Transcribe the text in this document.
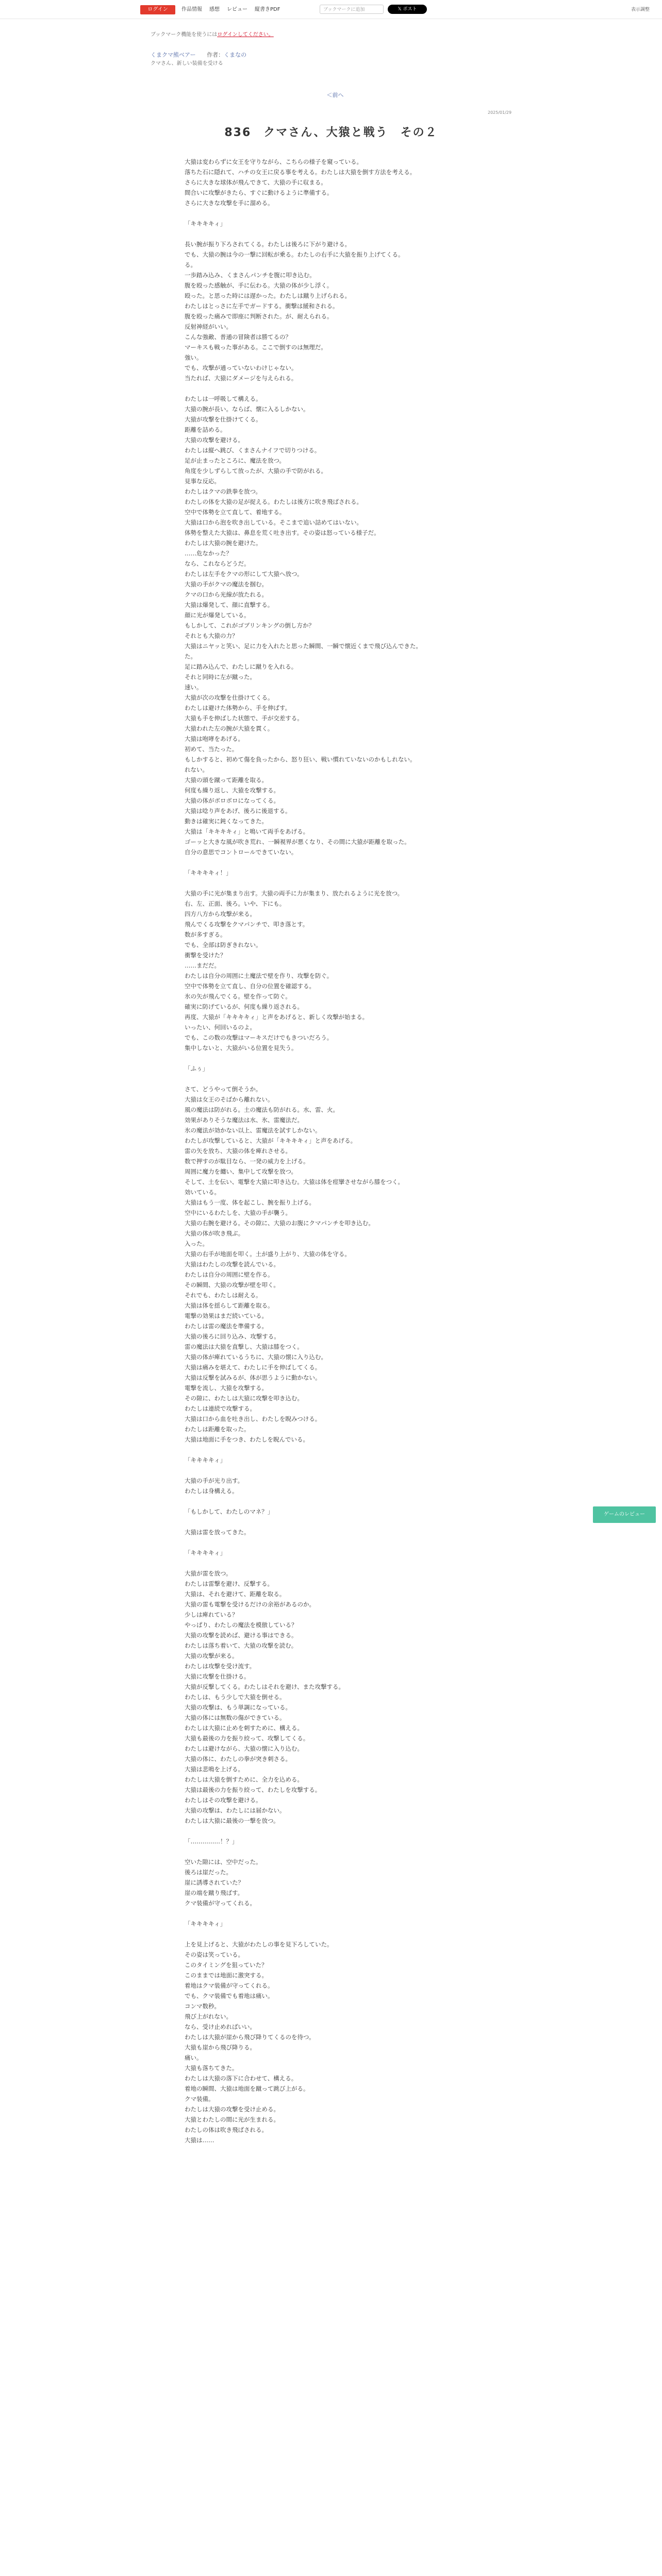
ログイン	作品情報 感想 レビュー 縦書きPDF	ブックマークに追加	𝕏 ポスト	表示調整
ブックマーク機能を使うにはログインしてください。
くまクマ熊ベアー 作者：くまなの
クマさん、新しい装備を受ける
＜前へ
2025/01/29
836　クマさん、大猿と戦う　その２
大猿は変わらずに女王を守りながら、こちらの様子を窺っている。
落ちた石に隠れて、ハチの女王に戻る事を考える。わたしは大猿を倒す方法を考える。
さらに大きな球体が飛んできて、大猿の手に収まる。
間合いに攻撃がきたら、すぐに動けるように準備する。
さらに大きな攻撃を手に溜める。
「キキキキィ」
長い腕が振り下ろされてくる。わたしは後ろに下がり避ける。
でも、大猿の腕は今の一撃に回転が乗る。わたしの右手に大猿を振り上げてくる。
る。
一歩踏み込み、くまさんパンチを腹に叩き込む。
腹を殴った感触が、手に伝わる。大猿の体が少し浮く。
殴った。と思った時には遅かった。わたしは蹴り上げられる。
わたしはとっさに左手でガードする。衝撃は緩和される。
腹を殴った痛みで即座に判断された。が、耐えられる。
反射神経がいい。
こんな強敵、普通の冒険者は勝てるの？
マーキスも戦った事がある。ここで倒すのは無理だ。
強い。
でも、攻撃が通っていないわけじゃない。
当たれば、大猿にダメージを与えられる。
わたしは一呼吸して構える。
大猿の腕が長い。ならば、懐に入るしかない。
大猿が攻撃を仕掛けてくる。
距離を詰める。
大猿の攻撃を避ける。
わたしは縦へ跳び、くまさんナイフで切りつける。
足が止まったところに、魔法を放つ。
角度を少しずらして放ったが、大猿の手で防がれる。
見事な反応。
わたしはクマの鉄拳を放つ。
わたしの体を大猿の足が捉える。わたしは後方に吹き飛ばされる。
空中で体勢を立て直して、着地する。
大猿は口から泡を吹き出している。そこまで追い詰めてはいない。
体勢を整えた大猿は、鼻息を荒く吐き出す。その姿は怒っている様子だ。
わたしは大猿の腕を避けた。
……危なかった？
なら、これならどうだ。
わたしは左手をクマの形にして大猿へ放つ。
大猿の手がクマの魔法を掴む。
クマの口から光線が放たれる。
大猿は爆発して、顔に直撃する。
顔に光が爆発している。
もしかして、これがゴブリンキングの倒し方か？
それとも大猿の力？
大猿はニヤッと笑い、足に力を入れたと思った瞬間、一瞬で懐近くまで飛び込んできた。
た。
足に踏み込んで、わたしに蹴りを入れる。
それと同時に左が蹴った。
速い。
大猿が次の攻撃を仕掛けてくる。
わたしは避けた体勢から、手を伸ばす。
大猿も手を伸ばした状態で、手が交差する。
大猿われた左の腕が大猿を貫く。
大猿は咆哮をあげる。
初めて、当たった。
もしかすると、初めて傷を負ったから、怒り狂い、戦い慣れていないのかもしれない。
れない。
大猿の頭を蹴って距離を取る。
何度も繰り返し、大猿を攻撃する。
大猿の体がボロボロになってくる。
大猿は唸り声をあげ、後ろに後退する。
動きは確実に鈍くなってきた。
大猿は「キキキキィ」と鳴いて両手をあげる。
ゴーッと大きな風が吹き荒れ、一瞬視界が悪くなり、その間に大猿が距離を取った。
自分の意思でコントロールできていない。
「キキキキィ！」
大猿の手に光が集まり出す。大猿の両手に力が集まり、放たれるように光を放つ。
右、左、正面、後ろ。いや、下にも。
四方八方から攻撃が来る。
飛んでくる攻撃をクマパンチで、叩き落とす。
数が多すぎる。
でも、全部は防ぎきれない。
衝撃を受けた？
……まだだ。
わたしは自分の周囲に土魔法で壁を作り、攻撃を防ぐ。
空中で体勢を立て直し、自分の位置を確認する。
氷の矢が飛んでくる。壁を作って防ぐ。
確実に防げているが、何度も繰り返される。
再度、大猿が「キキキキィ」と声をあげると、新しく攻撃が始まる。
いったい、何回いるのよ。
でも、この数の攻撃はマーキスだけでもきついだろう。
集中しないと、大猿がいる位置を見失う。
「ふぅ」
さて、どうやって倒そうか。
大猿は女王のそばから離れない。
風の魔法は防がれる。土の魔法も防がれる。水、雷、火。
効果がありそうな魔法は水、氷、雷魔法だ。
氷の魔法が効かない以上、雷魔法を試すしかない。
わたしが攻撃していると、大猿が「キキキキィ」と声をあげる。
雷の矢を放ち、大猿の体を痺れさせる。
数で押すのが駄目なら、一発の威力を上げる。
周囲に魔力を纏い、集中して攻撃を放つ。
そして、土を伝い、電撃を大猿に叩き込む。大猿は体を痙攣させながら膝をつく。
効いている。
大猿はもう一度、体を起こし、腕を振り上げる。
空中にいるわたしを、大猿の手が襲う。
大猿の右腕を避ける。その隙に、大猿のお腹にクマパンチを叩き込む。
大猿の体が吹き飛ぶ。
入った。
大猿の右手が地面を叩く。土が盛り上がり、大猿の体を守る。
大猿はわたしの攻撃を読んでいる。
わたしは自分の周囲に壁を作る。
その瞬間、大猿の攻撃が壁を叩く。
それでも、わたしは耐える。
大猿は体を揺らして距離を取る。
電撃の効果はまだ続いている。
わたしは雷の魔法を準備する。
大猿の後ろに回り込み、攻撃する。
雷の魔法は大猿を直撃し、大猿は膝をつく。
大猿の体が痺れているうちに、大猿の懐に入り込む。
大猿は痛みを堪えて、わたしに手を伸ばしてくる。
大猿は反撃を試みるが、体が思うように動かない。
電撃を流し、大猿を攻撃する。
その隙に、わたしは大猿に攻撃を叩き込む。
わたしは連続で攻撃する。
大猿は口から血を吐き出し、わたしを睨みつける。
わたしは距離を取った。
大猿は地面に手をつき、わたしを睨んでいる。
「キキキキィ」
大猿の手が光り出す。
わたしは身構える。
「もしかして、わたしのマネ？」
大猿は雷を放ってきた。
「キキキキィ」
大猿が雷を放つ。
わたしは雷撃を避け、反撃する。
大猿は、それを避けて、距離を取る。
大猿の雷も電撃を受けるだけの余裕があるのか。
少しは痺れている？
やっぱり、わたしの魔法を模倣している？
大猿の攻撃を読めば、避ける事はできる。
わたしは落ち着いて、大猿の攻撃を読む。
大猿の攻撃が来る。
わたしは攻撃を受け流す。
大猿に攻撃を仕掛ける。
大猿が反撃してくる。わたしはそれを避け、また攻撃する。
わたしは、もう少しで大猿を倒せる。
大猿の攻撃は、もう単調になっている。
大猿の体には無数の傷ができている。
わたしは大猿に止めを刺すために、構える。
大猿も最後の力を振り絞って、攻撃してくる。
わたしは避けながら、大猿の懐に入り込む。
大猿の体に、わたしの拳が突き刺さる。
大猿は悲鳴を上げる。
わたしは大猿を倒すために、全力を込める。
大猿は最後の力を振り絞って、わたしを攻撃する。
わたしはその攻撃を避ける。
大猿の攻撃は、わたしには届かない。
わたしは大猿に最後の一撃を放つ。
「……………！？」
空いた隙には、空中だった。
後ろは崖だった。
崖に誘導されていた？
崖の端を蹴り飛ばす。
クマ装備が守ってくれる。
「キキキキィ」
上を見上げると、大猿がわたしの事を見下ろしていた。
その姿は笑っている。
このタイミングを狙っていた？
このままでは地面に激突する。
着地はクマ装備が守ってくれる。
でも、クマ装備でも着地は痛い。
コンマ数秒。
飛び上がれない。
なら、受け止めればいい。
わたしは大猿が崖から飛び降りてくるのを待つ。
大猿も崖から飛び降りる。
痛い。
大猿も落ちてきた。
わたしは大猿の落下に合わせて、構える。
着地の瞬間、大猿は地面を蹴って跳び上がる。
クマ装備。
わたしは大猿の攻撃を受け止める。
大猿とわたしの間に光が生まれる。
わたしの体は吹き飛ばされる。
大猿は……
ゲームのレビュー
